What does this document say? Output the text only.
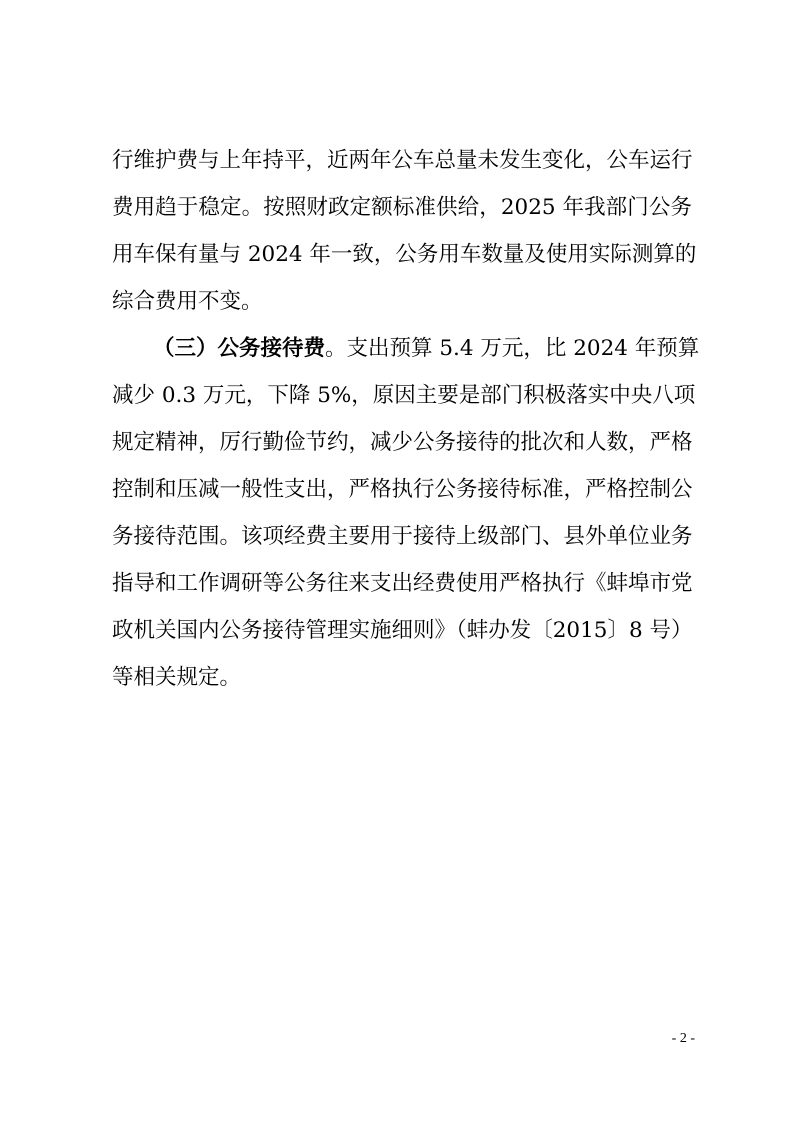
行维护费与上年持平，近两年公车总量未发生变化，公车运行
费用趋于稳定。按照财政定额标准供给，2025 年我部门公务
用车保有量与 2024 年一致，公务用车数量及使用实际测算的
综合费用不变。
（三）公务接待费。支出预算 5.4 万元，比 2024 年预算
减少 0.3 万元，下降 5%，原因主要是部门积极落实中央八项
规定精神，厉行勤俭节约，减少公务接待的批次和人数，严格
控制和压减一般性支出，严格执行公务接待标准，严格控制公
务接待范围。该项经费主要用于接待上级部门、县外单位业务
指导和工作调研等公务往来支出经费使用严格执行《蚌埠市党
政机关国内公务接待管理实施细则》（蚌办发〔2015〕8 号）
等相关规定。
- 2 -
